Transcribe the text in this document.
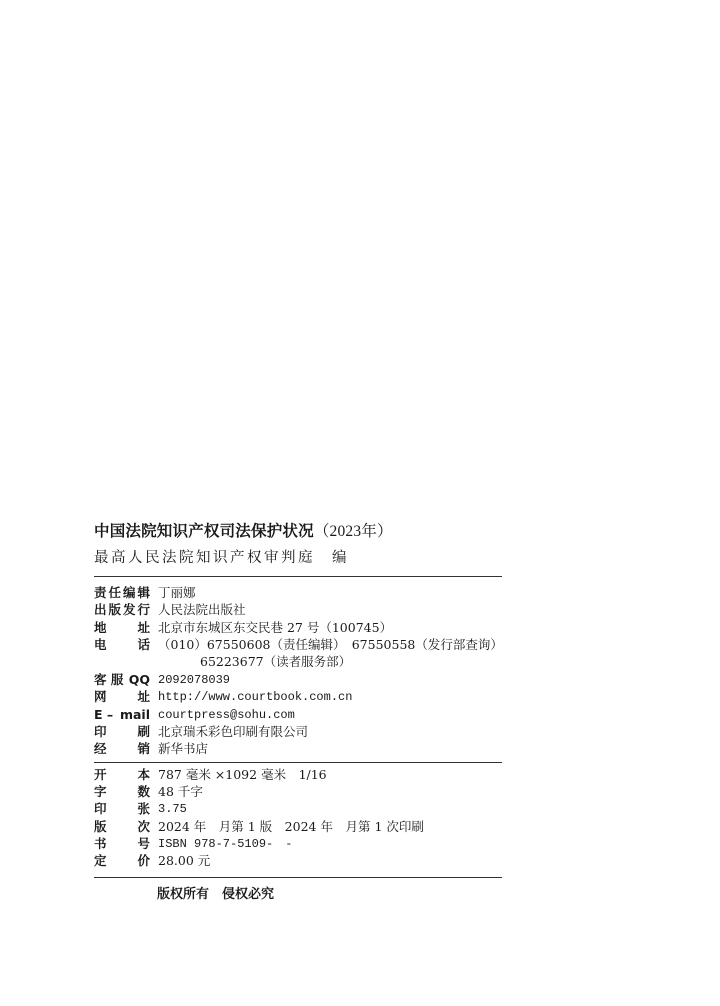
中国法院知识产权司法保护状况（2023年）
最高人民法院知识产权审判庭　编
责 任 编 辑 丁丽娜
出 版 发 行 人民法院出版社
地 址 北京市东城区东交民巷 27 号（100745）
电 话 （010）67550608（责任编辑）　67550558（发行部查询）
65223677（读者服务部）
客 服 QQ 2092078039
网 址 http://www.courtbook.com.cn
E – mail courtpress@sohu.com
印 刷 北京瑞禾彩色印刷有限公司
经 销 新华书店
开 本 787 毫米 ×1092 毫米　1/16
字 数 48 千字
印 张 3.75
版 次 2024 年　月第 1 版　2024 年　月第 1 次印刷
书 号 ISBN 978-7-5109-　-
定 价 28.00 元
版权所有　侵权必究
